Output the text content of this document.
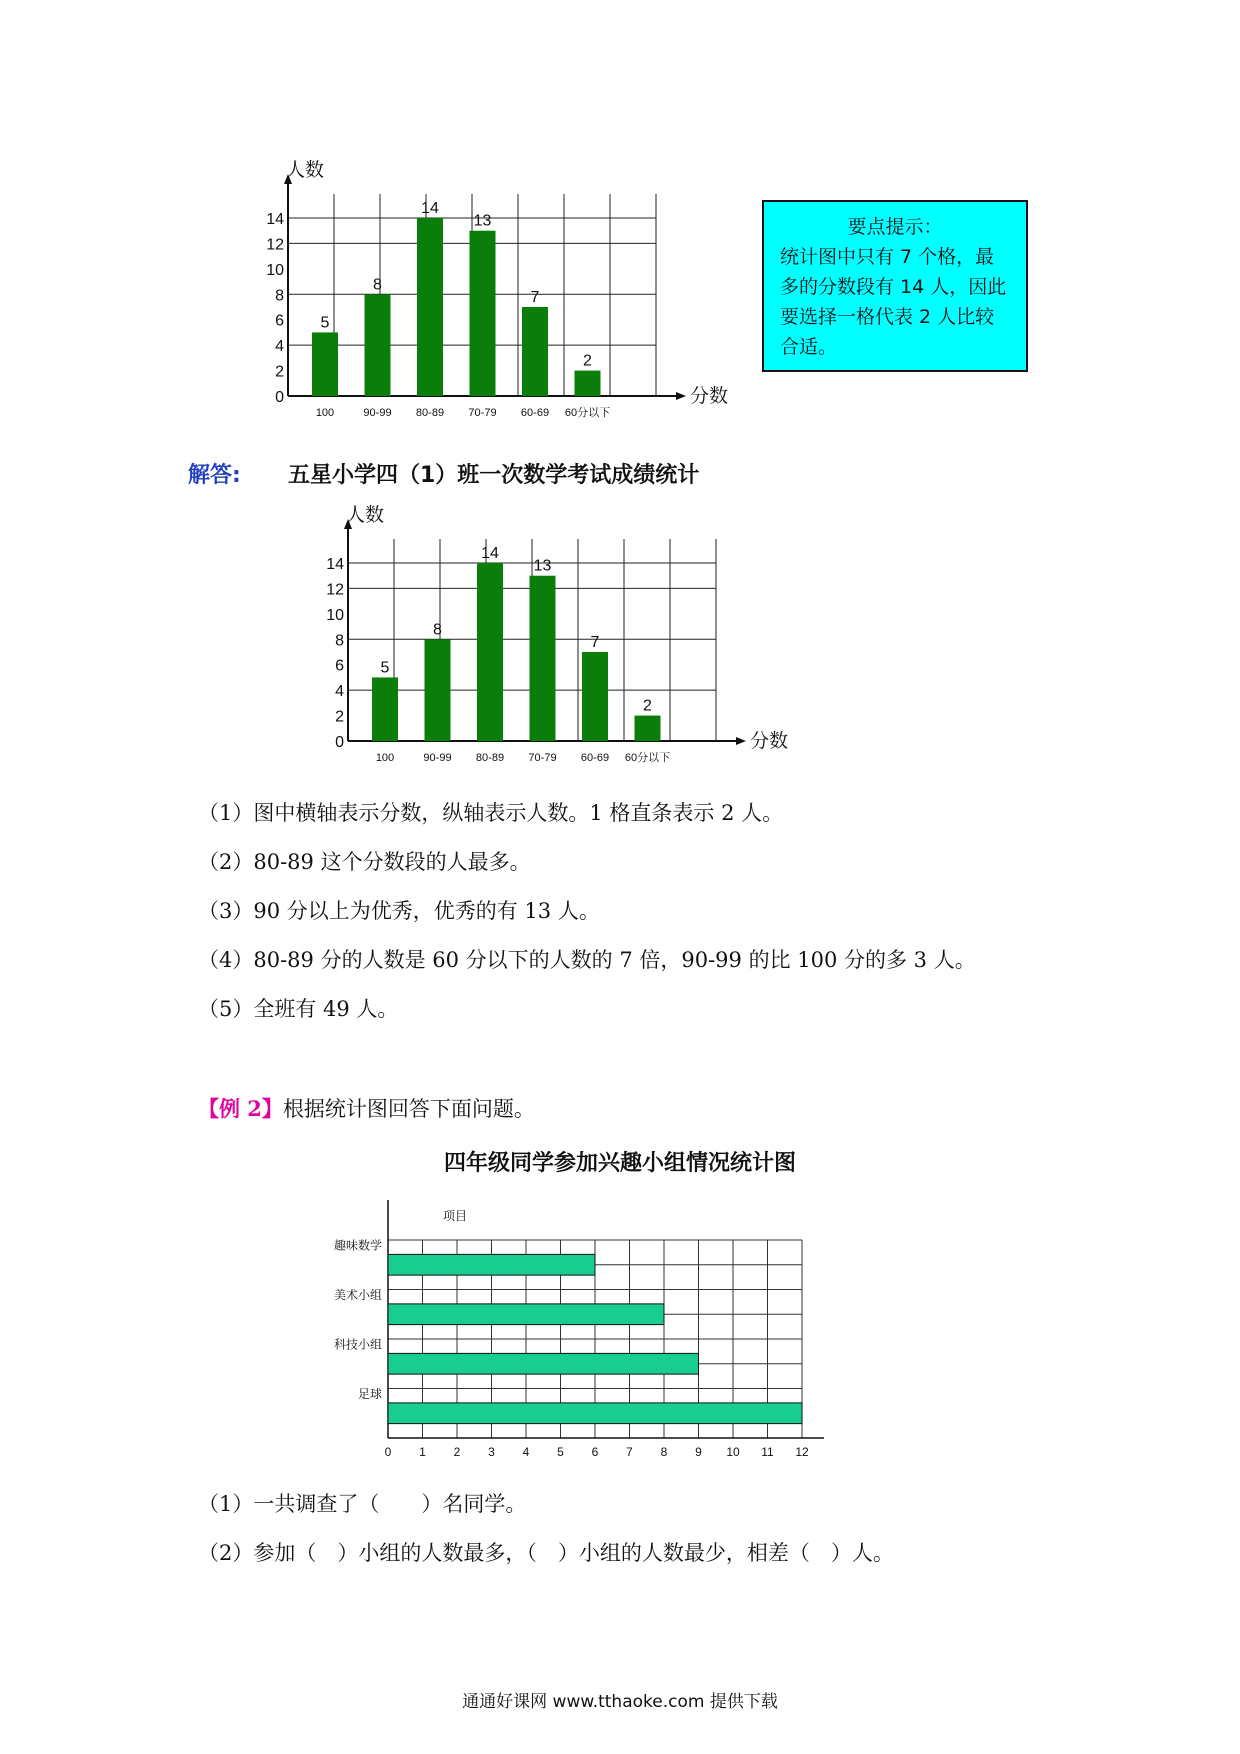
0
2
4
6
8
10
12
14
人数
分数
5
100
8
90-99
14
80-89
13
70-79
7
60-69
2
60分以下
要点提示：
统计图中只有 7 个格，最多的分数段有 14 人，因此要选择一格代表 2 人比较合适。
解答: 五星小学四（1）班一次数学考试成绩统计
0
2
4
6
8
10
12
14
人数
分数
5
100
8
90-99
14
80-89
13
70-79
7
60-69
2
60分以下
（1）图中横轴表示分数，纵轴表示人数。1 格直条表示 2 人。
（2）80-89 这个分数段的人最多。
（3）90 分以上为优秀，优秀的有 13 人。
（4）80-89 分的人数是 60 分以下的人数的 7 倍，90-99 的比 100 分的多 3 人。
（5）全班有 49 人。
【例 2】根据统计图回答下面问题。
四年级同学参加兴趣小组情况统计图
项目
0 1 2 3 4 5 6 7 8 9 10 11 12
趣味数学
美术小组
科技小组
足球
（1）一共调查了（　　）名同学。
（2）参加（　）小组的人数最多，（　）小组的人数最少，相差（　）人。
通通好课网 www.tthaoke.com 提供下载
